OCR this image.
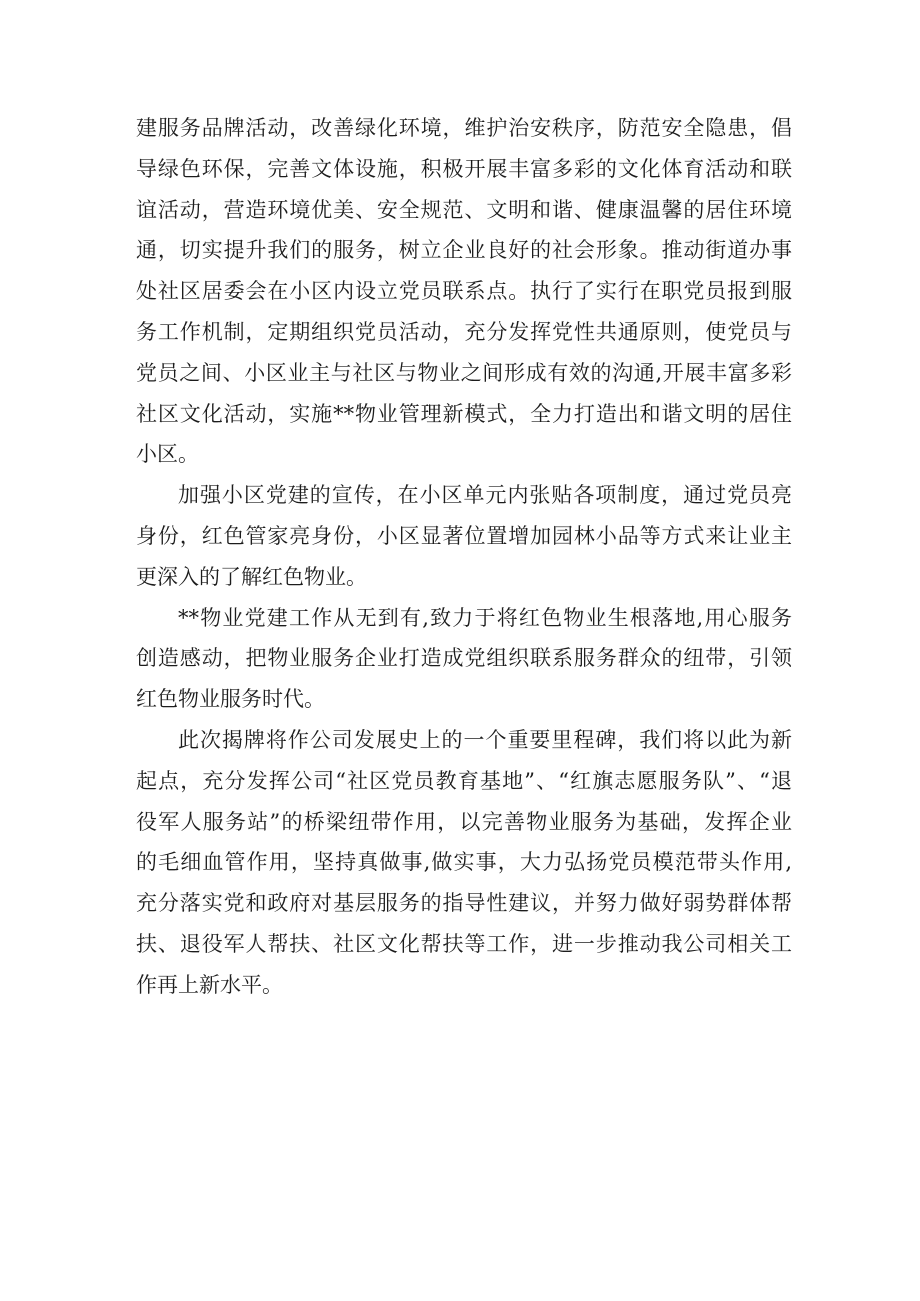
建服务品牌活动，改善绿化环境，维护治安秩序，防范安全隐患，倡
导绿色环保，完善文体设施，积极开展丰富多彩的文化体育活动和联
谊活动，营造环境优美、安全规范、文明和谐、健康温馨的居住环境
通，切实提升我们的服务，树立企业良好的社会形象。推动街道办事
处社区居委会在小区内设立党员联系点。执行了实行在职党员报到服
务工作机制，定期组织党员活动，充分发挥党性共通原则，使党员与
党员之间、小区业主与社区与物业之间形成有效的沟通,开展丰富多彩
社区文化活动，实施**物业管理新模式，全力打造出和谐文明的居住
小区。
加强小区党建的宣传，在小区单元内张贴各项制度，通过党员亮
身份，红色管家亮身份，小区显著位置增加园林小品等方式来让业主
更深入的了解红色物业。
**物业党建工作从无到有,致力于将红色物业生根落地,用心服务
创造感动，把物业服务企业打造成党组织联系服务群众的纽带，引领
红色物业服务时代。
此次揭牌将作公司发展史上的一个重要里程碑，我们将以此为新
起点，充分发挥公司“社区党员教育基地”、“红旗志愿服务队”、“退
役军人服务站”的桥梁纽带作用，以完善物业服务为基础，发挥企业
的毛细血管作用，坚持真做事,做实事，大力弘扬党员模范带头作用,
充分落实党和政府对基层服务的指导性建议，并努力做好弱势群体帮
扶、退役军人帮扶、社区文化帮扶等工作，进一步推动我公司相关工
作再上新水平。
